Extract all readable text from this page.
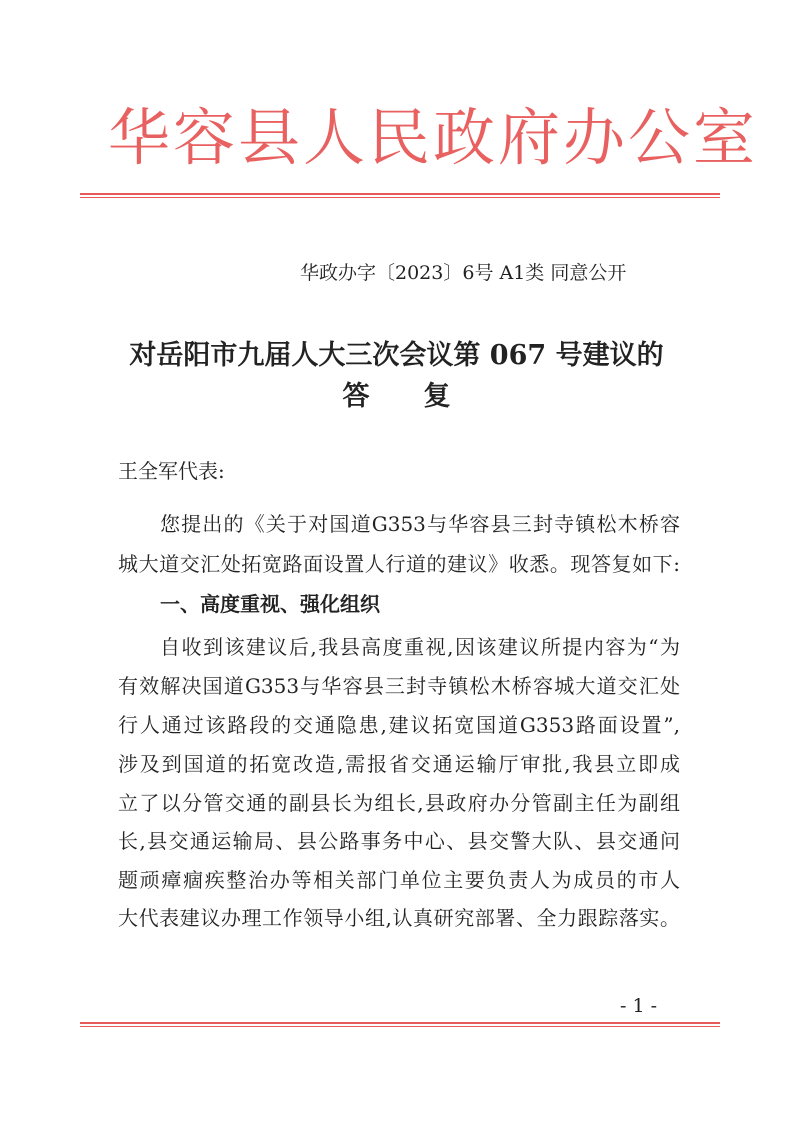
华容县人民政府办公室
华政办字〔2023〕6号 A1类 同意公开
对岳阳市九届人大三次会议第 067 号建议的
答　　复
王全军代表:
您提出的《关于对国道G353与华容县三封寺镇松木桥容
城大道交汇处拓宽路面设置人行道的建议》收悉。现答复如下:
一、高度重视、强化组织
自收到该建议后,我县高度重视,因该建议所提内容为“为
有效解决国道G353与华容县三封寺镇松木桥容城大道交汇处
行人通过该路段的交通隐患,建议拓宽国道G353路面设置”,
涉及到国道的拓宽改造,需报省交通运输厅审批,我县立即成
立了以分管交通的副县长为组长,县政府办分管副主任为副组
长,县交通运输局、县公路事务中心、县交警大队、县交通问
题顽瘴痼疾整治办等相关部门单位主要负责人为成员的市人
大代表建议办理工作领导小组,认真研究部署、全力跟踪落实。
- 1 -
